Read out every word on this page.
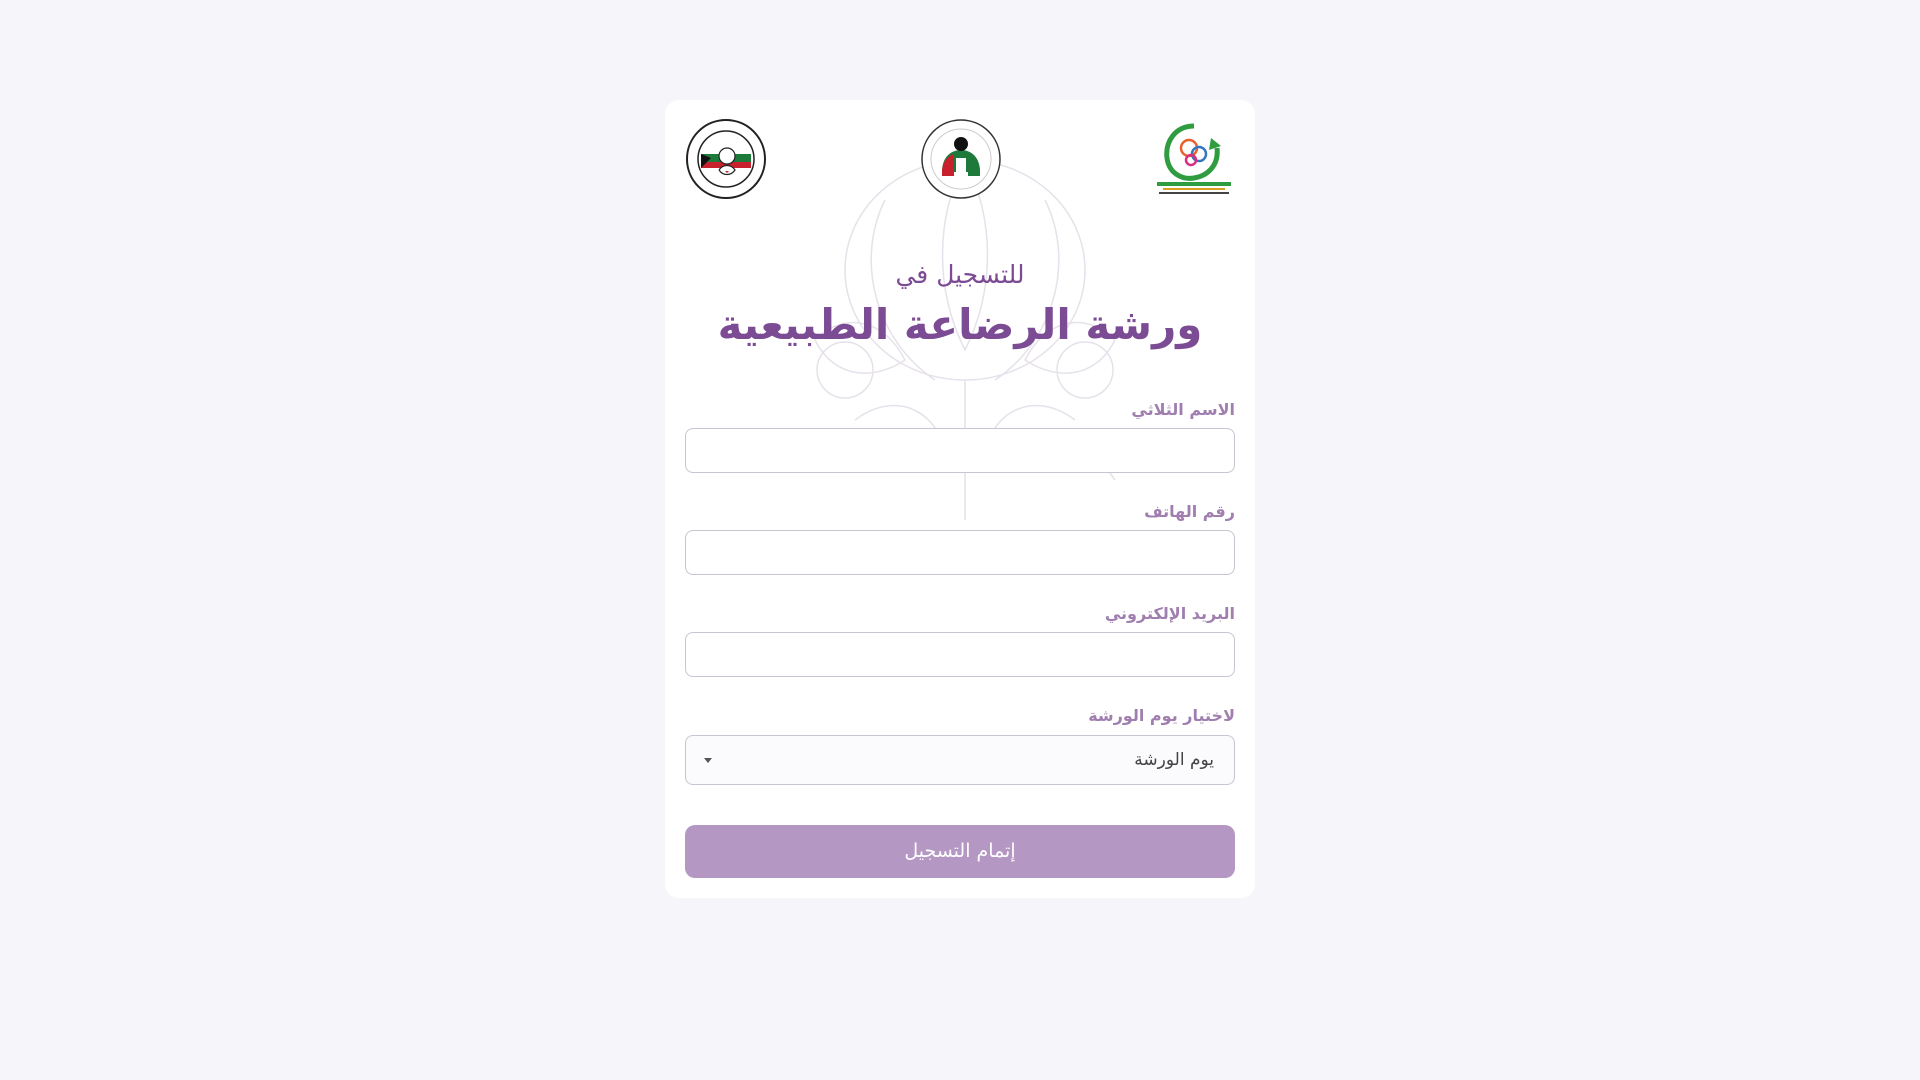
للتسجيل في
ورشة الرضاعة الطبيعية
الاسم الثلاثي
رقم الهاتف
البريد الإلكتروني
لاختيار يوم الورشة
يوم الورشة
إتمام التسجيل
